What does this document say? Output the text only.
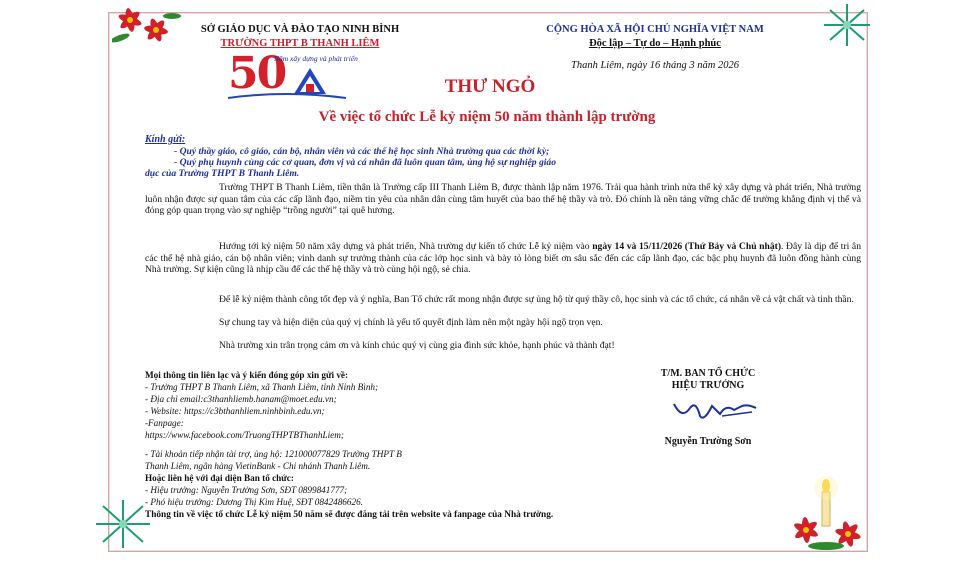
SỞ GIÁO DỤC VÀ ĐÀO TẠO NINH BÌNH
TRƯỜNG THPT B THANH LIÊM
CỘNG HÒA XÃ HỘI CHỦ NGHĨA VIỆT NAM
Độc lập – Tự do – Hạnh phúc
Thanh Liêm, ngày 16 tháng 3 năm 2026
50
Năm xây dựng và phát triển
THƯ NGỎ
Về việc tổ chức Lễ kỷ niệm 50 năm thành lập trường
Kính gửi:
- Quý thầy giáo, cô giáo, cán bộ, nhân viên và các thế hệ học sinh Nhà trường qua các thời kỳ;
- Quý phụ huynh cùng các cơ quan, đơn vị và cá nhân đã luôn quan tâm, ủng hộ sự nghiệp giáo
dục của Trường THPT B Thanh Liêm.
Trường THPT B Thanh Liêm, tiền thân là Trường cấp III Thanh Liêm B, được thành lập năm 1976. Trải qua hành trình nửa thế kỷ xây dựng và phát triển, Nhà trường luôn nhận được sự quan tâm của các cấp lãnh đạo, niềm tin yêu của nhân dân cùng tâm huyết của bao thế hệ thầy và trò. Đó chính là nền tảng vững chắc để trường khẳng định vị thế và đóng góp quan trọng vào sự nghiệp “trồng người” tại quê hương.
Hướng tới kỷ niệm 50 năm xây dựng và phát triển, Nhà trường dự kiến tổ chức Lễ kỷ niệm vào ngày 14 và 15/11/2026 (Thứ Bảy và Chủ nhật). Đây là dịp để tri ân các thế hệ nhà giáo, cán bộ nhân viên; vinh danh sự trưởng thành của các lớp học sinh và bày tỏ lòng biết ơn sâu sắc đến các cấp lãnh đạo, các bậc phụ huynh đã luôn đồng hành cùng Nhà trường. Sự kiện cũng là nhịp cầu để các thế hệ thầy và trò cùng hội ngộ, sẻ chia.
Để lễ kỷ niệm thành công tốt đẹp và ý nghĩa, Ban Tổ chức rất mong nhận được sự ủng hộ từ quý thầy cô, học sinh và các tổ chức, cá nhân về cả vật chất và tinh thần.
Sự chung tay và hiện diện của quý vị chính là yếu tố quyết định làm nên một ngày hội ngộ trọn vẹn.
Nhà trường xin trân trọng cảm ơn và kính chúc quý vị cùng gia đình sức khỏe, hạnh phúc và thành đạt!
Mọi thông tin liên lạc và ý kiến đóng góp xin gửi về:
- Trường THPT B Thanh Liêm, xã Thanh Liêm, tỉnh Ninh Bình;
- Địa chỉ email:c3thanhliemb.hanam@moet.edu.vn;
- Website: https://c3bthanhliem.ninhbinh.edu.vn;
-Fanpage:
https://www.facebook.com/TruongTHPTBThanhLiem;
- Tài khoản tiếp nhận tài trợ, ủng hộ: 121000077829 Trường THPT B
Thanh Liêm, ngân hàng VietinBank - Chi nhánh Thanh Liêm.
Hoặc liên hệ với đại diện Ban tổ chức:
- Hiệu trưởng: Nguyễn Trường Sơn, SĐT 0899841777;
- Phó hiệu trưởng: Dương Thị Kim Huệ, SĐT 0842486626.
T/M. BAN TỔ CHỨC
HIỆU TRƯỞNG
Nguyễn Trường Sơn
Thông tin về việc tổ chức Lễ kỷ niệm 50 năm sẽ được đăng tải trên website và fanpage của Nhà trường.
